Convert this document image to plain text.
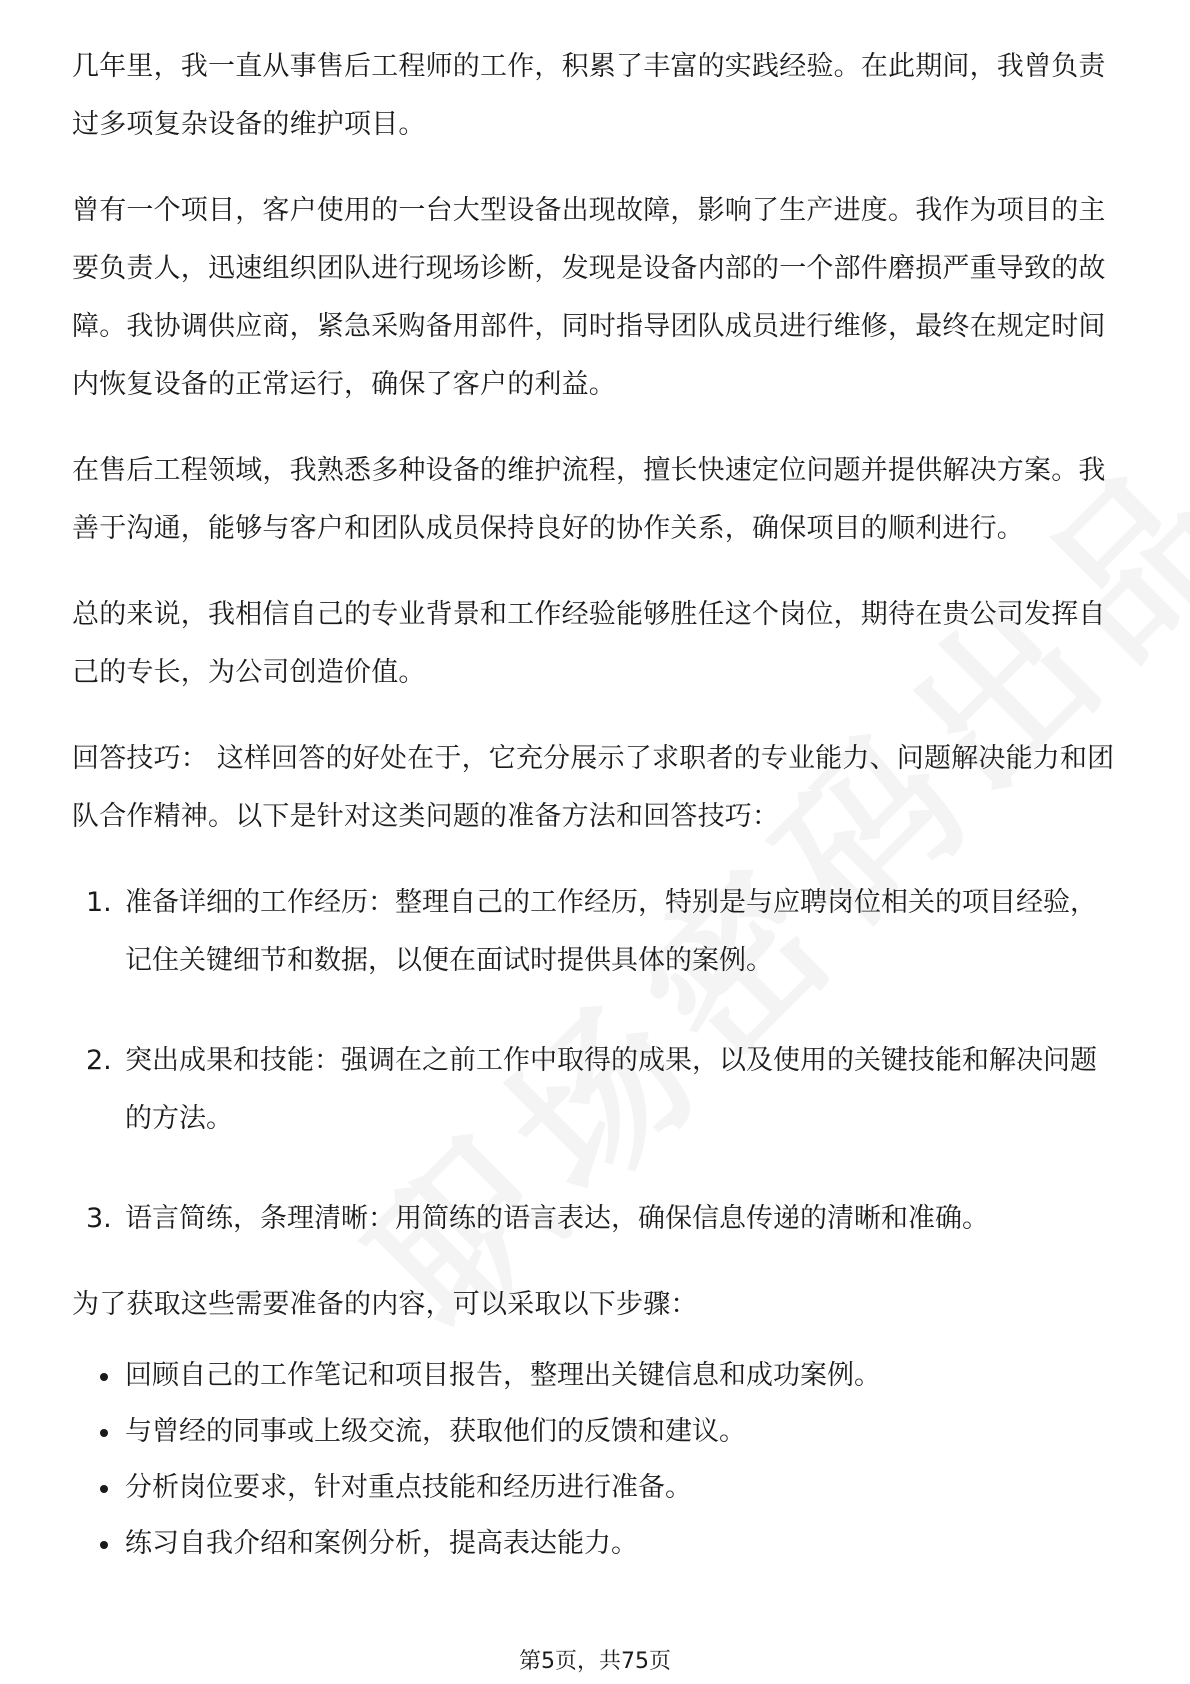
几年里，我一直从事售后工程师的工作，积累了丰富的实践经验。在此期间，我曾负责过多项复杂设备的维护项目。

曾有一个项目，客户使用的一台大型设备出现故障，影响了生产进度。我作为项目的主要负责人，迅速组织团队进行现场诊断，发现是设备内部的一个部件磨损严重导致的故障。我协调供应商，紧急采购备用部件，同时指导团队成员进行维修，最终在规定时间内恢复设备的正常运行，确保了客户的利益。

在售后工程领域，我熟悉多种设备的维护流程，擅长快速定位问题并提供解决方案。我善于沟通，能够与客户和团队成员保持良好的协作关系，确保项目的顺利进行。

总的来说，我相信自己的专业背景和工作经验能够胜任这个岗位，期待在贵公司发挥自己的专长，为公司创造价值。

回答技巧： 这样回答的好处在于，它充分展示了求职者的专业能力、问题解决能力和团队合作精神。以下是针对这类问题的准备方法和回答技巧：

1. 准备详细的工作经历：整理自己的工作经历，特别是与应聘岗位相关的项目经验，记住关键细节和数据，以便在面试时提供具体的案例。
2. 突出成果和技能：强调在之前工作中取得的成果，以及使用的关键技能和解决问题的方法。
3. 语言简练，条理清晰：用简练的语言表达，确保信息传递的清晰和准确。

为了获取这些需要准备的内容，可以采取以下步骤：

回顾自己的工作笔记和项目报告，整理出关键信息和成功案例。
与曾经的同事或上级交流，获取他们的反馈和建议。
分析岗位要求，针对重点技能和经历进行准备。
练习自我介绍和案例分析，提高表达能力。
第5页，共75页
